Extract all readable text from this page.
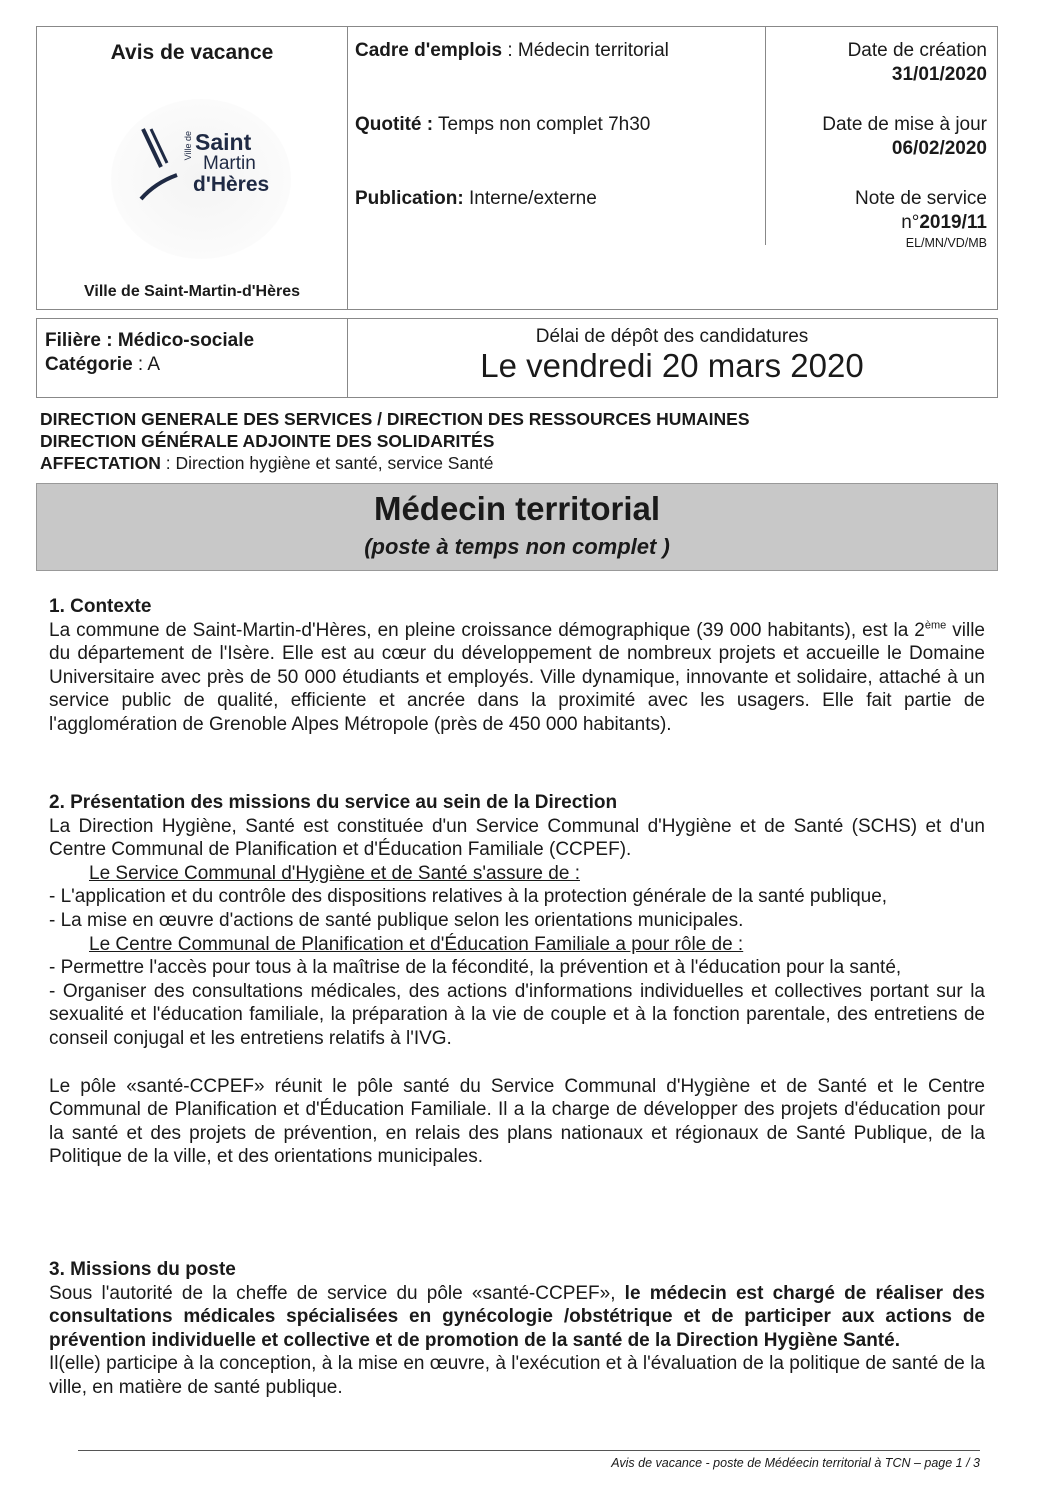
Avis de vacance
Ville de Saint
Martin
d'Hères
Ville de Saint-Martin-d'Hères
Cadre d'emplois : Médecin territorial
Quotité : Temps non complet 7h30
Publication: Interne/externe
Date de création
31/01/2020
Date de mise à jour
06/02/2020
Note de service
n°2019/11
EL/MN/VD/MB
Filière : Médico-sociale
Catégorie : A
Délai de dépôt des candidatures
Le vendredi 20 mars 2020
DIRECTION GENERALE DES SERVICES / DIRECTION DES RESSOURCES HUMAINES
DIRECTION GÉNÉRALE ADJOINTE DES SOLIDARITÉS
AFFECTATION : Direction hygiène et santé, service Santé
Médecin territorial
(poste à temps non complet )

1. Contexte

La commune de Saint-Martin-d'Hères, en pleine croissance démographique (39 000 habitants), est la 2ème ville du département de l'Isère. Elle est au cœur du développement de nombreux projets et accueille le Domaine Universitaire avec près de 50 000 étudiants et employés. Ville dynamique, innovante et solidaire, attaché à un service public de qualité, efficiente et ancrée dans la proximité avec les usagers. Elle fait partie de l'agglomération de Grenoble Alpes Métropole (près de 450 000 habitants).

2. Présentation des missions du service au sein de la Direction

La Direction Hygiène, Santé est constituée d'un Service Communal d'Hygiène et de Santé (SCHS) et d'un Centre Communal de Planification et d'Éducation Familiale (CCPEF).

Le Service Communal d'Hygiène et de Santé s'assure de :

- L'application et du contrôle des dispositions relatives à la protection générale de la santé publique,

- La mise en œuvre d'actions de santé publique selon les orientations municipales.

Le Centre Communal de Planification et d'Éducation Familiale a pour rôle de :

- Permettre l'accès pour tous à la maîtrise de la fécondité, la prévention et à l'éducation pour la santé,

- Organiser des consultations médicales, des actions d'informations individuelles et collectives portant sur la sexualité et l'éducation familiale, la préparation à la vie de couple et à la fonction parentale, des entretiens de conseil conjugal et les entretiens relatifs à l'IVG.

Le pôle «santé-CCPEF» réunit le pôle santé du Service Communal d'Hygiène et de Santé et le Centre Communal de Planification et d'Éducation Familiale. Il a la charge de développer des projets d'éducation pour la santé et des projets de prévention, en relais des plans nationaux et régionaux de Santé Publique, de la Politique de la ville, et des orientations municipales.

3. Missions du poste

Sous l'autorité de la cheffe de service du pôle «santé-CCPEF», le médecin est chargé de réaliser des consultations médicales spécialisées en gynécologie /obstétrique et de participer aux actions de prévention individuelle et collective et de promotion de la santé de la Direction Hygiène Santé.

Il(elle) participe à la conception, à la mise en œuvre, à l'exécution et à l'évaluation de la politique de santé de la ville, en matière de santé publique.

Avis de vacance - poste de Médéecin territorial à TCN – page 1 / 3
